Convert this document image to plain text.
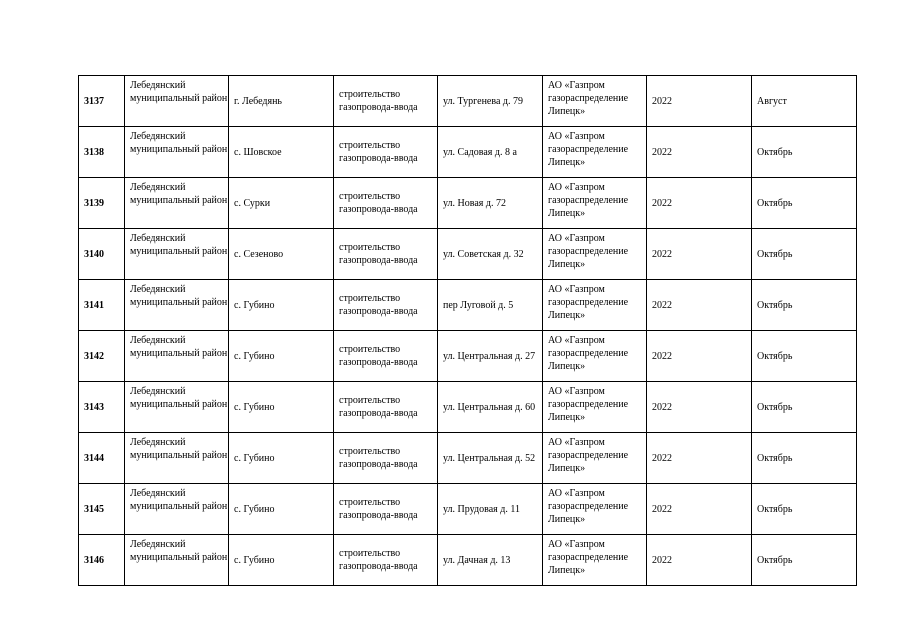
3137	Лебедянский муниципальный район	г. Лебедянь	строительство газопровода-ввода	ул. Тургенева д. 79	АО «Газпром газораспределение Липецк»	2022	Август
3138	Лебедянский муниципальный район	с. Шовское	строительство газопровода-ввода	ул. Садовая д. 8 а	АО «Газпром газораспределение Липецк»	2022	Октябрь
3139	Лебедянский муниципальный район	с. Сурки	строительство газопровода-ввода	ул. Новая д. 72	АО «Газпром газораспределение Липецк»	2022	Октябрь
3140	Лебедянский муниципальный район	с. Сезеново	строительство газопровода-ввода	ул. Советская д. 32	АО «Газпром газораспределение Липецк»	2022	Октябрь
3141	Лебедянский муниципальный район	с. Губино	строительство газопровода-ввода	пер Луговой д. 5	АО «Газпром газораспределение Липецк»	2022	Октябрь
3142	Лебедянский муниципальный район	с. Губино	строительство газопровода-ввода	ул. Центральная д. 27	АО «Газпром газораспределение Липецк»	2022	Октябрь
3143	Лебедянский муниципальный район	с. Губино	строительство газопровода-ввода	ул. Центральная д. 60	АО «Газпром газораспределение Липецк»	2022	Октябрь
3144	Лебедянский муниципальный район	с. Губино	строительство газопровода-ввода	ул. Центральная д. 52	АО «Газпром газораспределение Липецк»	2022	Октябрь
3145	Лебедянский муниципальный район	с. Губино	строительство газопровода-ввода	ул. Прудовая д. 11	АО «Газпром газораспределение Липецк»	2022	Октябрь
3146	Лебедянский муниципальный район	с. Губино	строительство газопровода-ввода	ул. Дачная д. 13	АО «Газпром газораспределение Липецк»	2022	Октябрь
